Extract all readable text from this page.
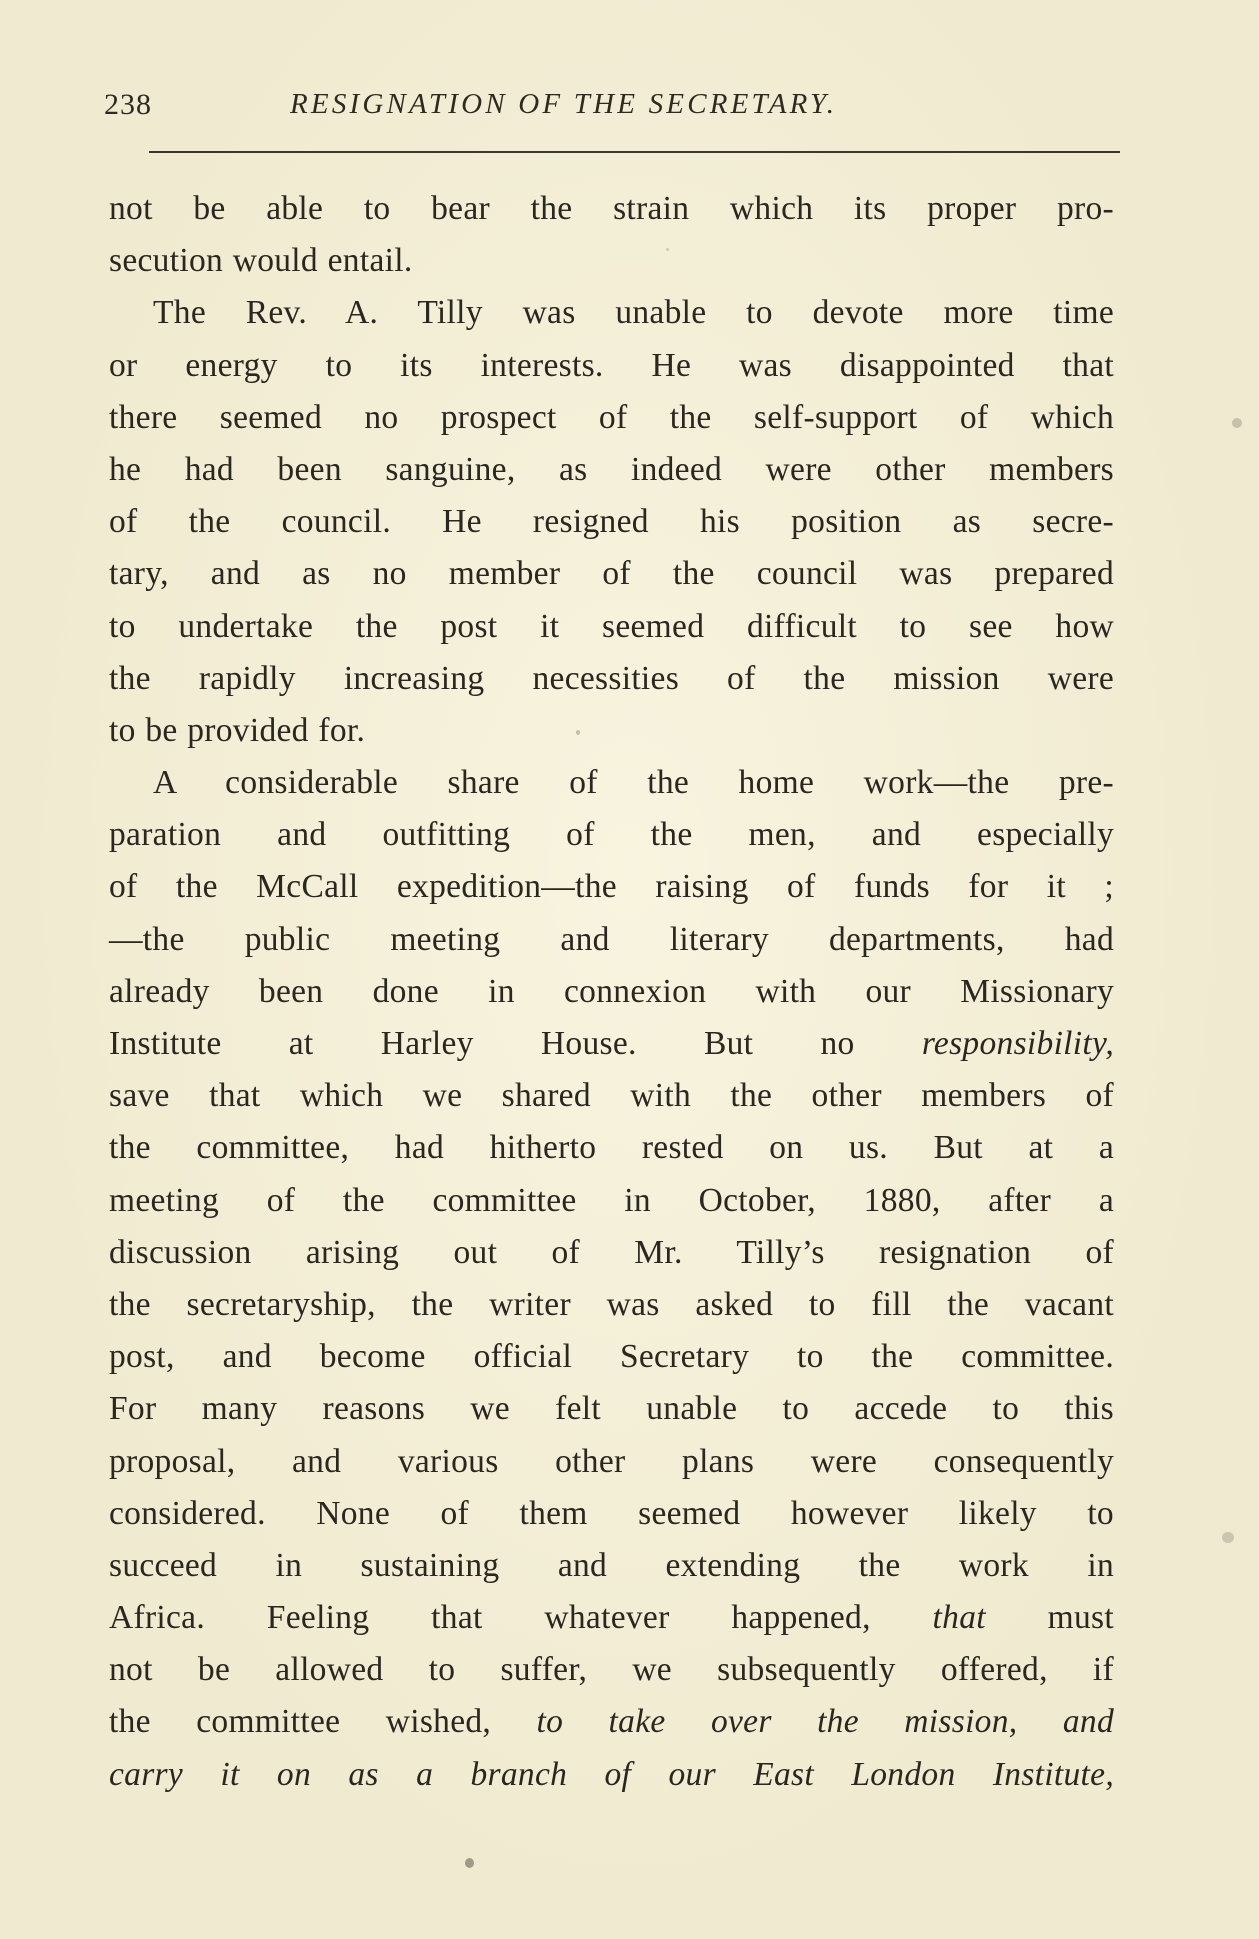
238	RESIGNATION OF THE SECRETARY.
not be able to bear the strain which its proper pro-
secution would entail.
The Rev. A. Tilly was unable to devote more time
or energy to its interests. He was disappointed that
there seemed no prospect of the self-support of which
he had been sanguine, as indeed were other members
of the council. He resigned his position as secre-
tary, and as no member of the council was prepared
to undertake the post it seemed difficult to see how
the rapidly increasing necessities of the mission were
to be provided for.
A considerable share of the home work—the pre-
paration and outfitting of the men, and especially
of the McCall expedition—the raising of funds for it ;
—the public meeting and literary departments, had
already been done in connexion with our Missionary
Institute at Harley House. But no responsibility,
save that which we shared with the other members of
the committee, had hitherto rested on us. But at a
meeting of the committee in October, 1880, after a
discussion arising out of Mr. Tilly’s resignation of
the secretaryship, the writer was asked to fill the vacant
post, and become official Secretary to the committee.
For many reasons we felt unable to accede to this
proposal, and various other plans were consequently
considered. None of them seemed however likely to
succeed in sustaining and extending the work in
Africa. Feeling that whatever happened, that must
not be allowed to suffer, we subsequently offered, if
the committee wished, to take over the mission, and
carry it on as a branch of our East London Institute,
